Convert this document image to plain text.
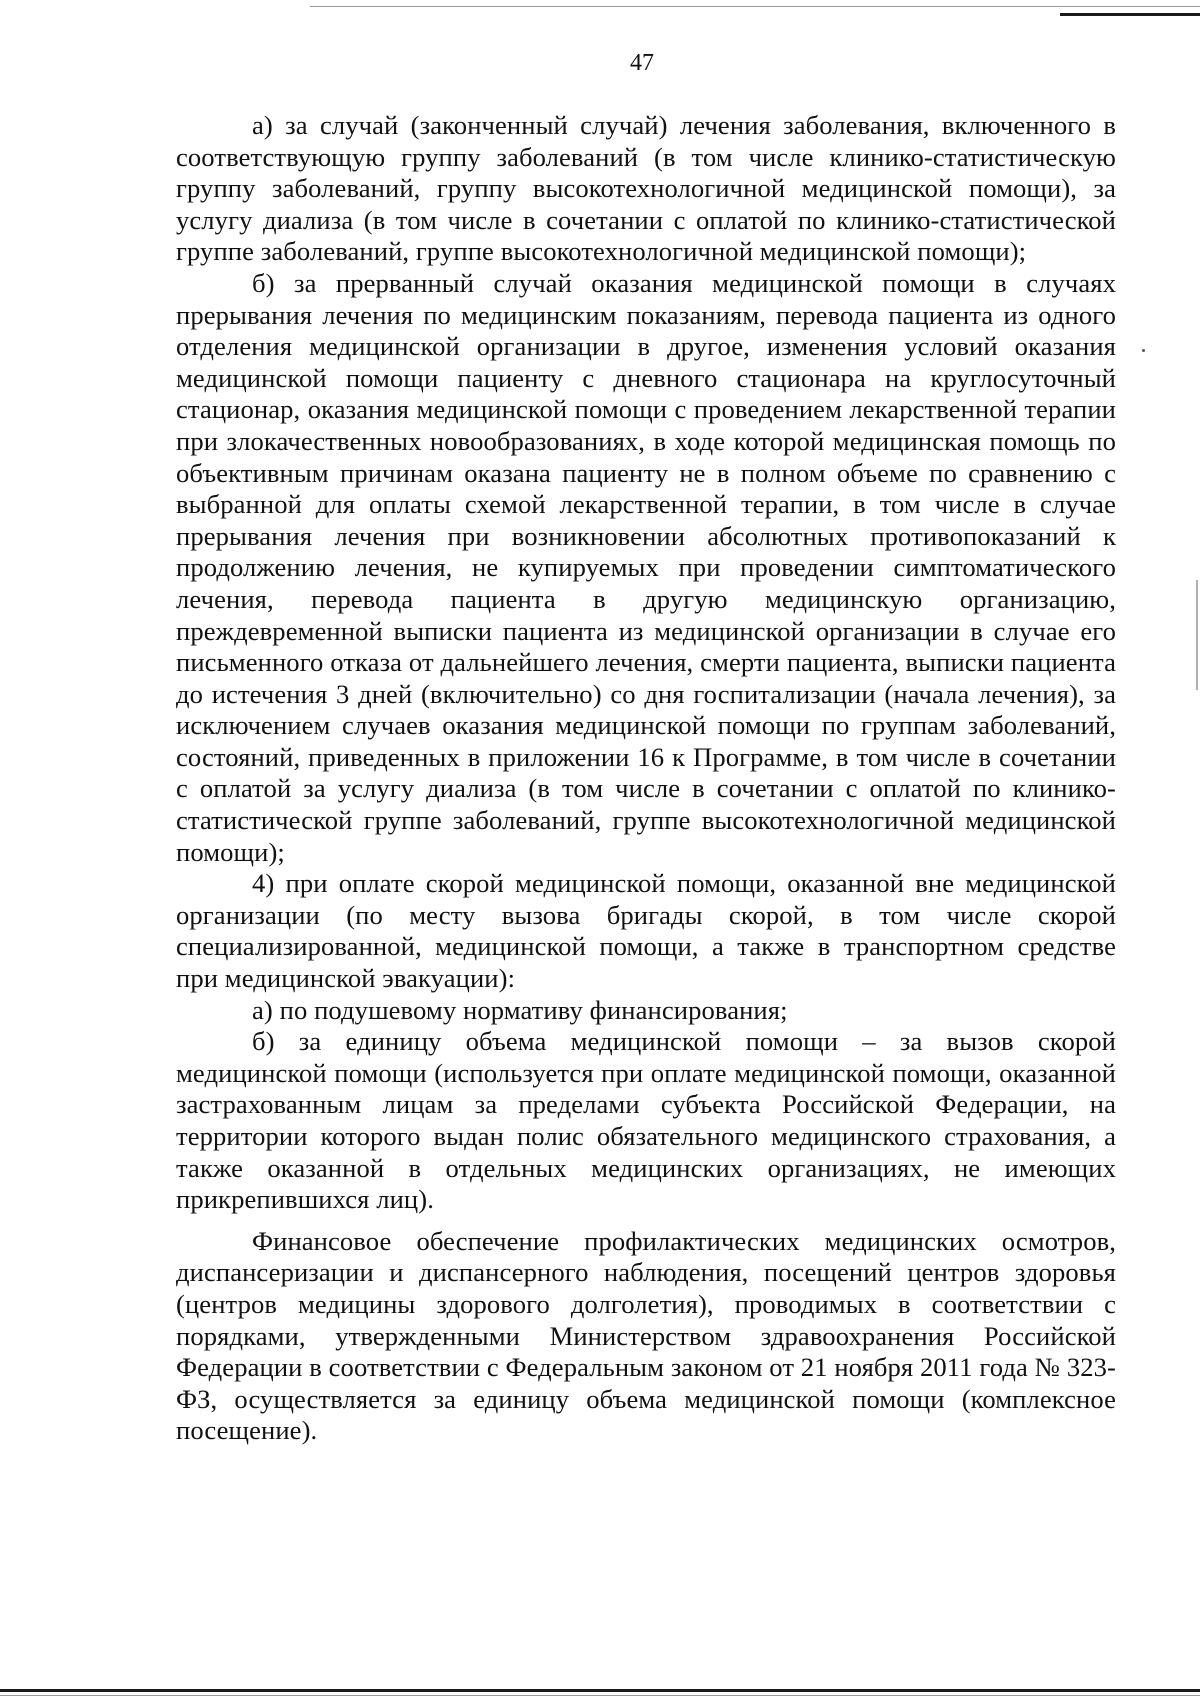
47

а) за случай (законченный случай) лечения заболевания, включенного в соответствующую группу заболеваний (в том числе клинико-статистическую группу заболеваний, группу высокотехнологичной медицинской помощи), за услугу диализа (в том числе в сочетании с оплатой по клинико-статистической группе заболеваний, группе высокотехнологичной медицинской помощи);

б) за прерванный случай оказания медицинской помощи в случаях прерывания лечения по медицинским показаниям, перевода пациента из одного отделения медицинской организации в другое, изменения условий оказания медицинской помощи пациенту с дневного стационара на круглосуточный стационар, оказания медицинской помощи с проведением лекарственной терапии при злокачественных новообразованиях, в ходе которой медицинская помощь по объективным причинам оказана пациенту не в полном объеме по сравнению с выбранной для оплаты схемой лекарственной терапии, в том числе в случае прерывания лечения при возникновении абсолютных противопоказаний к продолжению лечения, не купируемых при проведении симптоматического лечения, перевода пациента в другую медицинскую организацию, преждевременной выписки пациента из медицинской организации в случае его письменного отказа от дальнейшего лечения, смерти пациента, выписки пациента до истечения 3 дней (включительно) со дня госпитализации (начала лечения), за исключением случаев оказания медицинской помощи по группам заболеваний, состояний, приведенных в приложении 16 к Программе, в том числе в сочетании с оплатой за услугу диализа (в том числе в сочетании с оплатой по клинико-статистической группе заболеваний, группе высокотехнологичной медицинской помощи);

4) при оплате скорой медицинской помощи, оказанной вне медицинской организации (по месту вызова бригады скорой, в том числе скорой специализированной, медицинской помощи, а также в транспортном средстве при медицинской эвакуации):

а) по подушевому нормативу финансирования;

б) за единицу объема медицинской помощи – за вызов скорой медицинской помощи (используется при оплате медицинской помощи, оказанной застрахованным лицам за пределами субъекта Российской Федерации, на территории которого выдан полис обязательного медицинского страхования, а также оказанной в отдельных медицинских организациях, не имеющих прикрепившихся лиц).

Финансовое обеспечение профилактических медицинских осмотров, диспансеризации и диспансерного наблюдения, посещений центров здоровья (центров медицины здорового долголетия), проводимых в соответствии с порядками, утвержденными Министерством здравоохранения Российской Федерации в соответствии с Федеральным законом от 21 ноября 2011 года № 323-ФЗ, осуществляется за единицу объема медицинской помощи (комплексное посещение).
